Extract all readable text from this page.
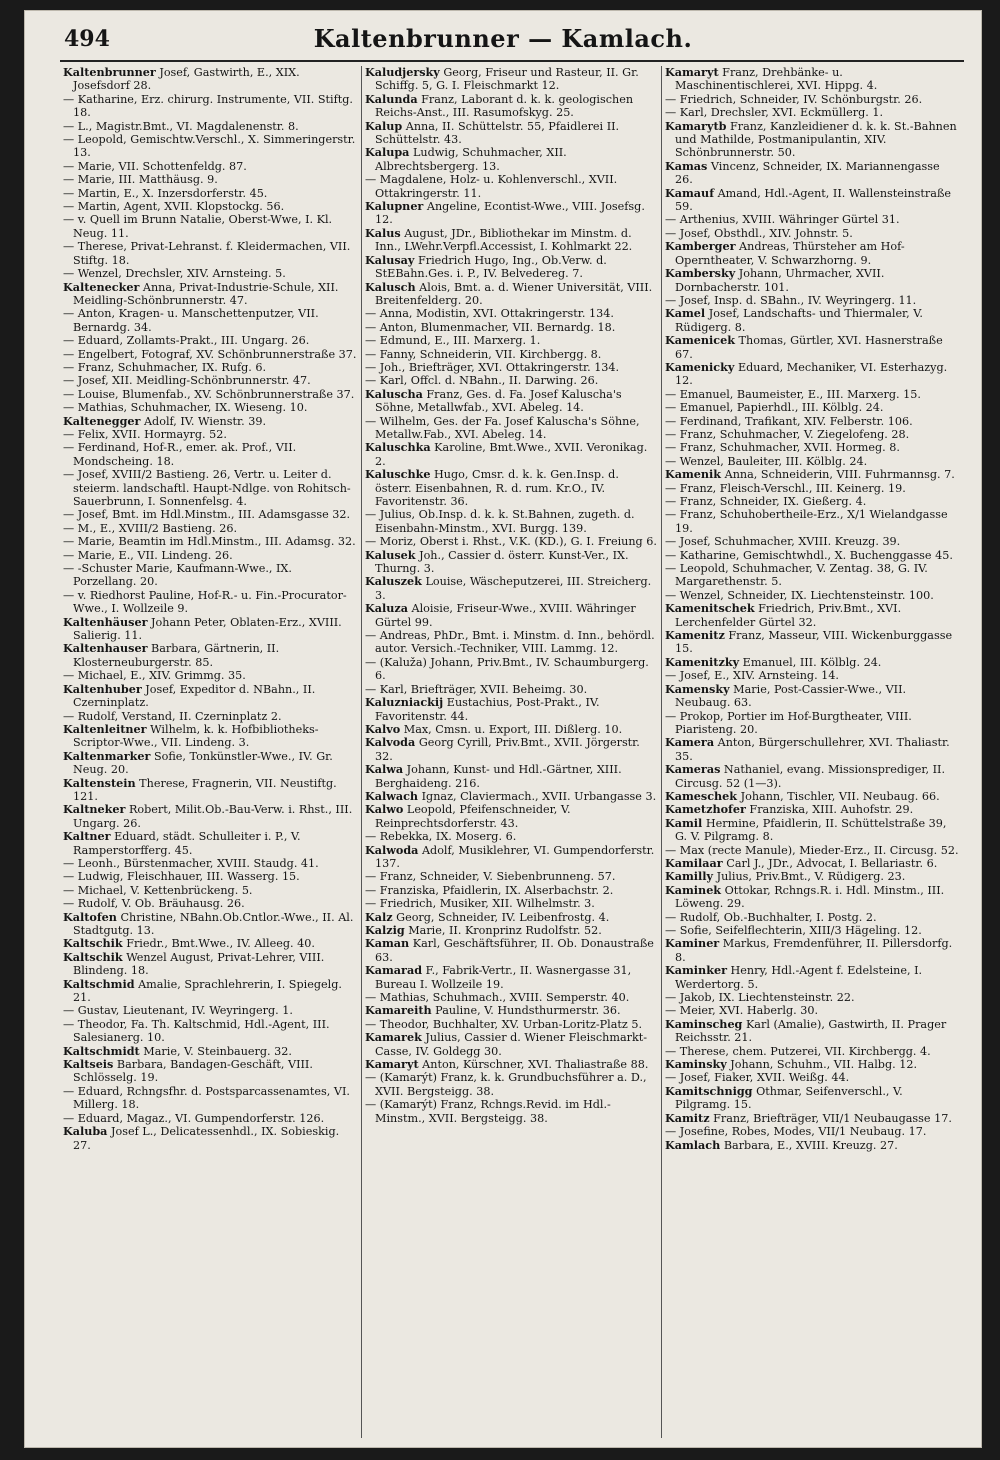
494	Kaltenbrunner — Kamlach.

Kaltenbrunner Josef, Gastwirth, E., XIX. Josefsdorf 28.

— Katharine, Erz. chirurg. Instrumente, VII. Stiftg. 18.

— L., Magistr.Bmt., VI. Magdalenenstr. 8.

— Leopold, Gemischtw.Verschl., X. Simmeringerstr. 13.

— Marie, VII. Schottenfeldg. 87.

— Marie, III. Matthäusg. 9.

— Martin, E., X. Inzersdorferstr. 45.

— Martin, Agent, XVII. Klopstockg. 56.

— v. Quell im Brunn Natalie, Oberst-Wwe, I. Kl. Neug. 11.

— Therese, Privat-Lehranst. f. Kleidermachen, VII. Stiftg. 18.

— Wenzel, Drechsler, XIV. Arnsteing. 5.

Kaltenecker Anna, Privat-Industrie-Schule, XII. Meidling-Schönbrunnerstr. 47.

— Anton, Kragen- u. Manschettenputzer, VII. Bernardg. 34.

— Eduard, Zollamts-Prakt., III. Ungarg. 26.

— Engelbert, Fotograf, XV. Schönbrunnerstraße 37.

— Franz, Schuhmacher, IX. Rufg. 6.

— Josef, XII. Meidling-Schönbrunnerstr. 47.

— Louise, Blumenfab., XV. Schönbrunnerstraße 37.

— Mathias, Schuhmacher, IX. Wieseng. 10.

Kaltenegger Adolf, IV. Wienstr. 39.

— Felix, XVII. Hormayrg. 52.

— Ferdinand, Hof-R., emer. ak. Prof., VII. Mondscheing. 18.

— Josef, XVIII/2 Bastieng. 26, Vertr. u. Leiter d. steierm. landschaftl. Haupt-Ndlge. von Rohitsch-Sauerbrunn, I. Sonnenfelsg. 4.

— Josef, Bmt. im Hdl.Minstm., III. Adamsgasse 32.

— M., E., XVIII/2 Bastieng. 26.

— Marie, Beamtin im Hdl.Minstm., III. Adamsg. 32.

— Marie, E., VII. Lindeng. 26.

— -Schuster Marie, Kaufmann-Wwe., IX. Porzellang. 20.

— v. Riedhorst Pauline, Hof-R.- u. Fin.-Procurator-Wwe., I. Wollzeile 9.

Kaltenhäuser Johann Peter, Oblaten-Erz., XVIII. Salierig. 11.

Kaltenhauser Barbara, Gärtnerin, II. Klosterneuburgerstr. 85.

— Michael, E., XIV. Grimmg. 35.

Kaltenhuber Josef, Expeditor d. NBahn., II. Czerninplatz.

— Rudolf, Verstand, II. Czerninplatz 2.

Kaltenleitner Wilhelm, k. k. Hofbibliotheks-Scriptor-Wwe., VII. Lindeng. 3.

Kaltenmarker Sofie, Tonkünstler-Wwe., IV. Gr. Neug. 20.

Kaltenstein Therese, Fragnerin, VII. Neustiftg. 121.

Kaltneker Robert, Milit.Ob.-Bau-Verw. i. Rhst., III. Ungarg. 26.

Kaltner Eduard, städt. Schulleiter i. P., V. Ramperstorfferg. 45.

— Leonh., Bürstenmacher, XVIII. Staudg. 41.

— Ludwig, Fleischhauer, III. Wasserg. 15.

— Michael, V. Kettenbrückeng. 5.

— Rudolf, V. Ob. Bräuhausg. 26.

Kaltofen Christine, NBahn.Ob.Cntlor.-Wwe., II. Al. Stadtgutg. 13.

Kaltschik Friedr., Bmt.Wwe., IV. Alleeg. 40.

Kaltschik Wenzel August, Privat-Lehrer, VIII. Blindeng. 18.

Kaltschmid Amalie, Sprachlehrerin, I. Spiegelg. 21.

— Gustav, Lieutenant, IV. Weyringerg. 1.

— Theodor, Fa. Th. Kaltschmid, Hdl.-Agent, III. Salesianerg. 10.

Kaltschmidt Marie, V. Steinbauerg. 32.

Kaltseis Barbara, Bandagen-Geschäft, VIII. Schlösselg. 19.

— Eduard, Rchngsfhr. d. Postsparcassenamtes, VI. Millerg. 18.

— Eduard, Magaz., VI. Gumpendorferstr. 126.

Kaluba Josef L., Delicatessenhdl., IX. Sobieskig. 27.

Kaludjersky Georg, Friseur und Rasteur, II. Gr. Schiffg. 5, G. I. Fleischmarkt 12.

Kalunda Franz, Laborant d. k. k. geologischen Reichs-Anst., III. Rasumofskyg. 25.

Kalup Anna, II. Schüttelstr. 55, Pfaidlerei II. Schüttelstr. 43.

Kalupa Ludwig, Schuhmacher, XII. Albrechtsbergerg. 13.

— Magdalene, Holz- u. Kohlenverschl., XVII. Ottakringerstr. 11.

Kalupner Angeline, Econtist-Wwe., VIII. Josefsg. 12.

Kalus August, JDr., Bibliothekar im Minstm. d. Inn., LWehr.Verpfl.Accessist, I. Kohlmarkt 22.

Kalusay Friedrich Hugo, Ing., Ob.Verw. d. StEBahn.Ges. i. P., IV. Belvedereg. 7.

Kalusch Alois, Bmt. a. d. Wiener Universität, VIII. Breitenfelderg. 20.

— Anna, Modistin, XVI. Ottakringerstr. 134.

— Anton, Blumenmacher, VII. Bernardg. 18.

— Edmund, E., III. Marxerg. 1.

— Fanny, Schneiderin, VII. Kirchbergg. 8.

— Joh., Briefträger, XVI. Ottakringerstr. 134.

— Karl, Offcl. d. NBahn., II. Darwing. 26.

Kaluscha Franz, Ges. d. Fa. Josef Kaluscha's Söhne, Metallwfab., XVI. Abeleg. 14.

— Wilhelm, Ges. der Fa. Josef Kaluscha's Söhne, Metallw.Fab., XVI. Abeleg. 14.

Kaluschka Karoline, Bmt.Wwe., XVII. Veronikag. 2.

Kaluschke Hugo, Cmsr. d. k. k. Gen.Insp. d. österr. Eisenbahnen, R. d. rum. Kr.O., IV. Favoritenstr. 36.

— Julius, Ob.Insp. d. k. k. St.Bahnen, zugeth. d. Eisenbahn-Minstm., XVI. Burgg. 139.

— Moriz, Oberst i. Rhst., V.K. (KD.), G. I. Freiung 6.

Kalusek Joh., Cassier d. österr. Kunst-Ver., IX. Thurng. 3.

Kaluszek Louise, Wäscheputzerei, III. Streicherg. 3.

Kaluza Aloisie, Friseur-Wwe., XVIII. Währinger Gürtel 99.

— Andreas, PhDr., Bmt. i. Minstm. d. Inn., behördl. autor. Versich.-Techniker, VIII. Lammg. 12.

— (Kaluža) Johann, Priv.Bmt., IV. Schaumburgerg. 6.

— Karl, Briefträger, XVII. Beheimg. 30.

Kaluzniackij Eustachius, Post-Prakt., IV. Favoritenstr. 44.

Kalvo Max, Cmsn. u. Export, III. Dißlerg. 10.

Kalvoda Georg Cyrill, Priv.Bmt., XVII. Jörgerstr. 32.

Kalwa Johann, Kunst- und Hdl.-Gärtner, XIII. Berghaideng. 216.

Kalwach Ignaz, Claviermach., XVII. Urbangasse 3.

Kalwo Leopold, Pfeifenschneider, V. Reinprechtsdorferstr. 43.

— Rebekka, IX. Moserg. 6.

Kalwoda Adolf, Musiklehrer, VI. Gumpendorferstr. 137.

— Franz, Schneider, V. Siebenbrunneng. 57.

— Franziska, Pfaidlerin, IX. Alserbachstr. 2.

— Friedrich, Musiker, XII. Wilhelmstr. 3.

Kalz Georg, Schneider, IV. Leibenfrostg. 4.

Kalzig Marie, II. Kronprinz Rudolfstr. 52.

Kaman Karl, Geschäftsführer, II. Ob. Donaustraße 63.

Kamarad F., Fabrik-Vertr., II. Wasnergasse 31, Bureau I. Wollzeile 19.

— Mathias, Schuhmach., XVIII. Semperstr. 40.

Kamareith Pauline, V. Hundsthurmerstr. 36.

— Theodor, Buchhalter, XV. Urban-Loritz-Platz 5.

Kamarek Julius, Cassier d. Wiener Fleischmarkt-Casse, IV. Goldegg 30.

Kamaryt Anton, Kürschner, XVI. Thaliastraße 88.

— (Kamarýt) Franz, k. k. Grundbuchsführer a. D., XVII. Bergsteigg. 38.

— (Kamarýt) Franz, Rchngs.Revid. im Hdl.-Minstm., XVII. Bergsteigg. 38.

Kamaryt Franz, Drehbänke- u. Maschinentischlerei, XVI. Hippg. 4.

— Friedrich, Schneider, IV. Schönburgstr. 26.

— Karl, Drechsler, XVI. Eckmüllerg. 1.

Kamarytb Franz, Kanzleidiener d. k. k. St.-Bahnen und Mathilde, Postmanipulantin, XIV. Schönbrunnerstr. 50.

Kamas Vincenz, Schneider, IX. Mariannengasse 26.

Kamauf Amand, Hdl.-Agent, II. Wallensteinstraße 59.

— Arthenius, XVIII. Währinger Gürtel 31.

— Josef, Obsthdl., XIV. Johnstr. 5.

Kamberger Andreas, Thürsteher am Hof-Operntheater, V. Schwarzhorng. 9.

Kambersky Johann, Uhrmacher, XVII. Dornbacherstr. 101.

— Josef, Insp. d. SBahn., IV. Weyringerg. 11.

Kamel Josef, Landschafts- und Thiermaler, V. Rüdigerg. 8.

Kamenicek Thomas, Gürtler, XVI. Hasnerstraße 67.

Kamenicky Eduard, Mechaniker, VI. Esterhazyg. 12.

— Emanuel, Baumeister, E., III. Marxerg. 15.

— Emanuel, Papierhdl., III. Kölblg. 24.

— Ferdinand, Trafikant, XIV. Felberstr. 106.

— Franz, Schuhmacher, V. Ziegelofeng. 28.

— Franz, Schuhmacher, XVII. Hormeg. 8.

— Wenzel, Bauleiter, III. Kölblg. 24.

Kamenik Anna, Schneiderin, VIII. Fuhrmannsg. 7.

— Franz, Fleisch-Verschl., III. Keinerg. 19.

— Franz, Schneider, IX. Gießerg. 4.

— Franz, Schuhobertheile-Erz., X/1 Wielandgasse 19.

— Josef, Schuhmacher, XVIII. Kreuzg. 39.

— Katharine, Gemischtwhdl., X. Buchenggasse 45.

— Leopold, Schuhmacher, V. Zentag. 38, G. IV. Margarethenstr. 5.

— Wenzel, Schneider, IX. Liechtensteinstr. 100.

Kamenitschek Friedrich, Priv.Bmt., XVI. Lerchenfelder Gürtel 32.

Kamenitz Franz, Masseur, VIII. Wickenburggasse 15.

Kamenitzky Emanuel, III. Kölblg. 24.

— Josef, E., XIV. Arnsteing. 14.

Kamensky Marie, Post-Cassier-Wwe., VII. Neubaug. 63.

— Prokop, Portier im Hof-Burgtheater, VIII. Piaristeng. 20.

Kamera Anton, Bürgerschullehrer, XVI. Thaliastr. 35.

Kameras Nathaniel, evang. Missionsprediger, II. Circusg. 52 (1—3).

Kameschek Johann, Tischler, VII. Neubaug. 66.

Kametzhofer Franziska, XIII. Auhofstr. 29.

Kamil Hermine, Pfaidlerin, II. Schüttelstraße 39, G. V. Pilgramg. 8.

— Max (recte Manule), Mieder-Erz., II. Circusg. 52.

Kamilaar Carl J., JDr., Advocat, I. Bellariastr. 6.

Kamilly Julius, Priv.Bmt., V. Rüdigerg. 23.

Kaminek Ottokar, Rchngs.R. i. Hdl. Minstm., III. Löweng. 29.

— Rudolf, Ob.-Buchhalter, I. Postg. 2.

— Sofie, Seifelflechterin, XIII/3 Hägeling. 12.

Kaminer Markus, Fremdenführer, II. Pillersdorfg. 8.

Kaminker Henry, Hdl.-Agent f. Edelsteine, I. Werdertorg. 5.

— Jakob, IX. Liechtensteinstr. 22.

— Meier, XVI. Haberlg. 30.

Kaminscheg Karl (Amalie), Gastwirth, II. Prager Reichsstr. 21.

— Therese, chem. Putzerei, VII. Kirchbergg. 4.

Kaminsky Johann, Schuhm., VII. Halbg. 12.

— Josef, Fiaker, XVII. Weißg. 44.

Kamitschnigg Othmar, Seifenverschl., V. Pilgramg. 15.

Kamitz Franz, Briefträger, VII/1 Neubaugasse 17.

— Josefine, Robes, Modes, VII/1 Neubaug. 17.

Kamlach Barbara, E., XVIII. Kreuzg. 27.
